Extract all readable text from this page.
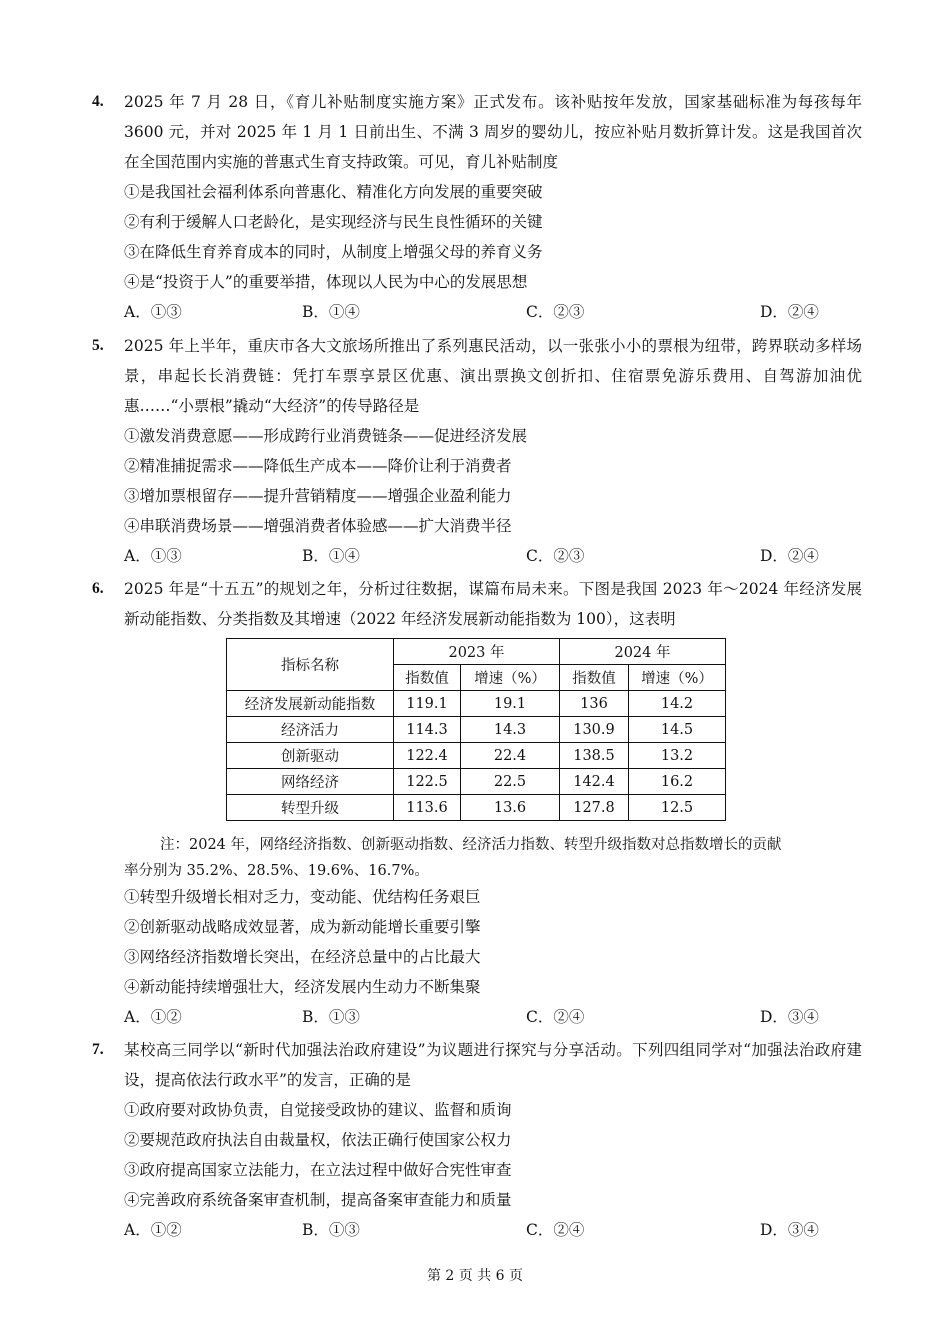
4. 2025 年 7 月 28 日，《育儿补贴制度实施方案》正式发布。该补贴按年发放，国家基础标准为每孩每年 3600 元，并对 2025 年 1 月 1 日前出生、不满 3 周岁的婴幼儿，按应补贴月数折算计发。这是我国首次在全国范围内实施的普惠式生育支持政策。可见，育儿补贴制度
①是我国社会福利体系向普惠化、精准化方向发展的重要突破
②有利于缓解人口老龄化，是实现经济与民生良性循环的关键
③在降低生育养育成本的同时，从制度上增强父母的养育义务
④是“投资于人”的重要举措，体现以人民为中心的发展思想
A．①③	B．①④	C．②③	D．②④
5. 2025 年上半年，重庆市各大文旅场所推出了系列惠民活动，以一张张小小的票根为纽带，跨界联动多样场景，串起长长消费链：凭打车票享景区优惠、演出票换文创折扣、住宿票免游乐费用、自驾游加油优惠……“小票根”撬动“大经济”的传导路径是
①激发消费意愿——形成跨行业消费链条——促进经济发展
②精准捕捉需求——降低生产成本——降价让利于消费者
③增加票根留存——提升营销精度——增强企业盈利能力
④串联消费场景——增强消费者体验感——扩大消费半径
A．①③	B．①④	C．②③	D．②④
6. 2025 年是“十五五”的规划之年，分析过往数据，谋篇布局未来。下图是我国 2023 年～2024 年经济发展新动能指数、分类指数及其增速（2022 年经济发展新动能指数为 100），这表明
指标名称	2023 年		2024 年	
	指数值	增速（%）	指数值	增速（%）
经济发展新动能指数	119.1	19.1	136	14.2
经济活力	114.3	14.3	130.9	14.5
创新驱动	122.4	22.4	138.5	13.2
网络经济	122.5	22.5	142.4	16.2
转型升级	113.6	13.6	127.8	12.5
注：2024 年，网络经济指数、创新驱动指数、经济活力指数、转型升级指数对总指数增长的贡献
率分别为 35.2%、28.5%、19.6%、16.7%。
①转型升级增长相对乏力，变动能、优结构任务艰巨
②创新驱动战略成效显著，成为新动能增长重要引擎
③网络经济指数增长突出，在经济总量中的占比最大
④新动能持续增强壮大，经济发展内生动力不断集聚
A．①②	B．①③	C．②④	D．③④
7. 某校高三同学以“新时代加强法治政府建设”为议题进行探究与分享活动。下列四组同学对“加强法治政府建设，提高依法行政水平”的发言，正确的是
①政府要对政协负责，自觉接受政协的建议、监督和质询
②要规范政府执法自由裁量权，依法正确行使国家公权力
③政府提高国家立法能力，在立法过程中做好合宪性审查
④完善政府系统备案审查机制，提高备案审查能力和质量
A．①②	B．①③	C．②④	D．③④
第 2 页 共 6 页
